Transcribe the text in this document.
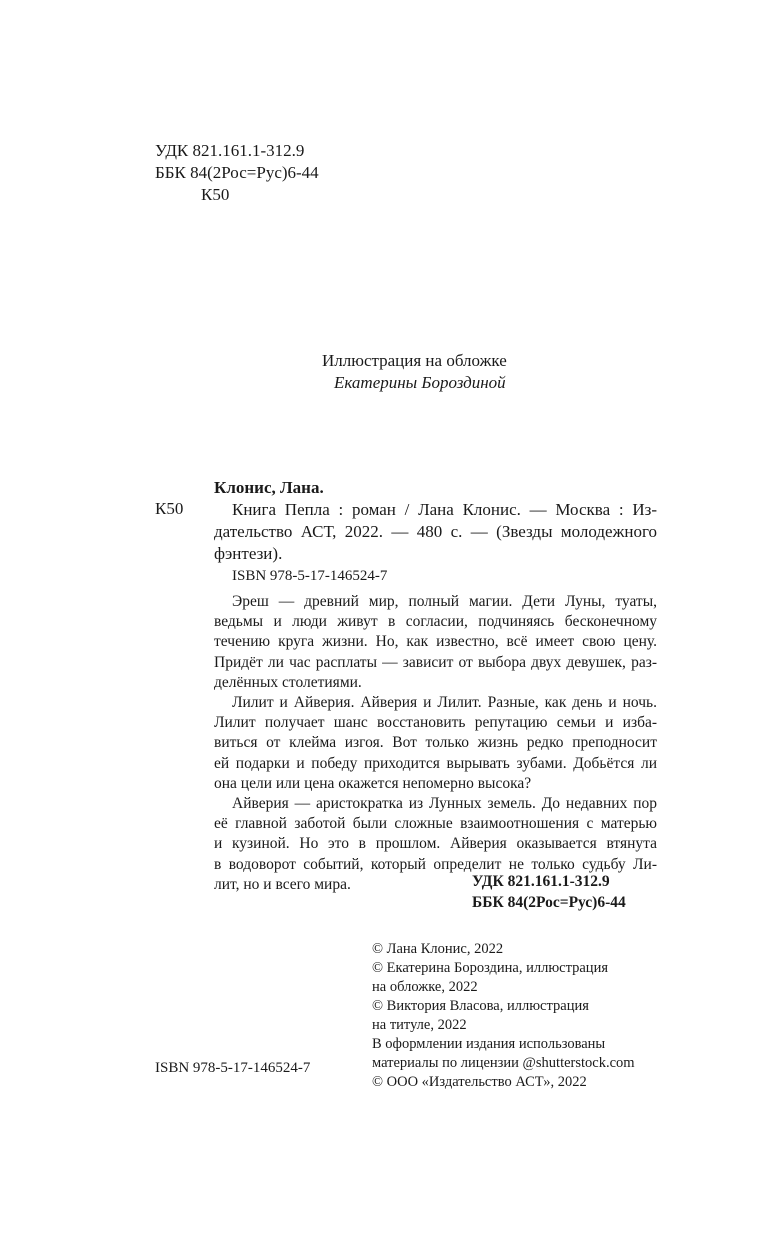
УДК 821.161.1-312.9
ББК 84(2Рос=Рус)6-44
К50
Иллюстрация на обложке
Екатерины Бороздиной
Клонис, Лана.
К50	Книга Пепла : роман / Лана Клонис. — Москва : Из-
дательство АСТ, 2022. — 480 с. — (Звезды молодежного
фэнтези).
ISBN 978-5-17-146524-7
Эреш — древний мир, полный магии. Дети Луны, туаты,
ведьмы и люди живут в согласии, подчиняясь бесконечному
течению круга жизни. Но, как известно, всё имеет свою цену.
Придёт ли час расплаты — зависит от выбора двух девушек, раз-
делённых столетиями.
Лилит и Айверия. Айверия и Лилит. Разные, как день и ночь.
Лилит получает шанс восстановить репутацию семьи и изба-
виться от клейма изгоя. Вот только жизнь редко преподносит
ей подарки и победу приходится вырывать зубами. Добьётся ли
она цели или цена окажется непомерно высока?
Айверия — аристократка из Лунных земель. До недавних пор
её главной заботой были сложные взаимоотношения с матерью
и кузиной. Но это в прошлом. Айверия оказывается втянута
в водоворот событий, который определит не только судьбу Ли-
лит, но и всего мира.	УДК 821.161.1-312.9
ББК 84(2Рос=Рус)6-44
© Лана Клонис, 2022
© Екатерина Бороздина, иллюстрация
на обложке, 2022
© Виктория Власова, иллюстрация
на титуле, 2022
В оформлении издания использованы
материалы по лицензии @shutterstock.com
© ООО «Издательство АСТ», 2022
ISBN 978-5-17-146524-7
